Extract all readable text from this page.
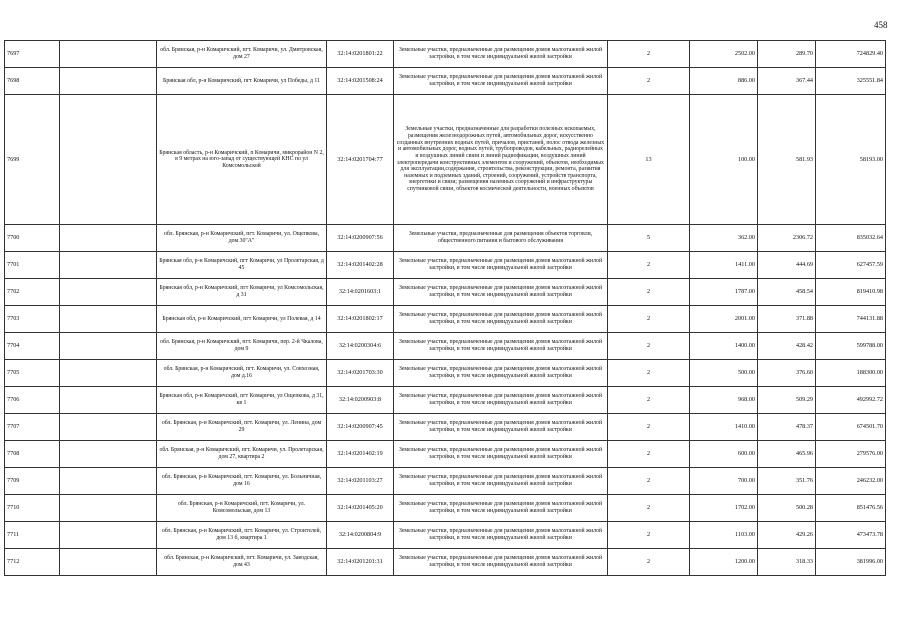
458
7697		обл. Брянская, р-н Комаричский, пгт. Комаричи, ул. Дмитровская, дом 27	32:14:0201801:22	Земельные участки, предназначенные для размещения домов малоэтажной жилой застройки, в том числе индивидуальной жилой застройки	2	2502.00	289.70	724829.40
7698		Брянская обл, р-н Комаричский, пгт Комаричи, ул Победы, д 11	32:14:0201508:24	Земельные участки, предназначенные для размещения домов малоэтажной жилой застройки, в том числе индивидуальной жилой застройки	2	886.00	367.44	325551.84
7699		Брянская область, р-н Комаричский, п Комаричи, микрорайон N 2, в 9 метрах на юго-запад от существующей КНС по ул Комсомольской	32:14:0201704:77	Земельные участки, предназначенные для разработки полезных ископаемых, размещения железнодорожных путей, автомобильных дорог, искусственно созданных внутренних водных путей, причалов, пристаней, полос отвода железных и автомобильных дорог, водных путей, трубопроводов, кабельных, радиорелейных и воздушных линий связи и линий радиофикации, воздушных линий электропередачи конструктивных элементов и сооружений, объектов, необходимых для эксплуатации,содержания, строительства, реконструкции, ремонта, развития наземных и подземных зданий, строений, сооружений, устройств транспорта, энергетики и связи; размещения наземных сооружений и инфраструктуры спутниковой связи, объектов космической деятельности, военных объектов	13	100.00	581.93	58193.00
7700		обл. Брянская, р-н Комаричский, пгт. Комаричи, ул. Ощепкова, дом 30"А"	32:14:0200907:56	Земельные участки, предназначенные для размещения объектов торговли, общественного питания и бытового обслуживания	5	362.00	2306.72	835032.64
7701		Брянская обл, р-н Комаричский, пгт Комаричи, ул Пролетарская, д 45	32:14:0201402:28	Земельные участки, предназначенные для размещения домов малоэтажной жилой застройки, в том числе индивидуальной жилой застройки	2	1411.00	444.69	627457.59
7702		Брянская обл, р-н Комаричский, пгт Комаричи, ул Комсомольская, д 31	32:14:0201603:1	Земельные участки, предназначенные для размещения домов малоэтажной жилой застройки, в том числе индивидуальной жилой застройки	2	1787.00	458.54	819410.98
7703		Брянская обл, р-н Комаричский, пгт Комаричи, ул Полевая, д 14	32:14:0201802:17	Земельные участки, предназначенные для размещения домов малоэтажной жилой застройки, в том числе индивидуальной жилой застройки	2	2001.00	371.88	744131.88
7704		обл. Брянская, р-н Комаричский, пгт. Комаричи, пер. 2-й Чкалова, дом 9	32:14:0200304:6	Земельные участки, предназначенные для размещения домов малоэтажной жилой застройки, в том числе индивидуальной жилой застройки	2	1400.00	428.42	599788.00
7705		обл. Брянская, р-н Комаричский, пгт. Комаричи, ул. Совхозная, дом д.16	32:14:0201703:30	Земельные участки, предназначенные для размещения домов малоэтажной жилой застройки, в том числе индивидуальной жилой застройки	2	500.00	376.60	188300.00
7706		Брянская обл, р-н Комаричский, пгт Комаричи, ул Ощепкова, д 31, кв 1	32:14:0200903:8	Земельные участки, предназначенные для размещения домов малоэтажной жилой застройки, в том числе индивидуальной жилой застройки	2	968.00	509.29	492992.72
7707		обл. Брянская, р-н Комаричский, пгт. Комаричи, ул. Ленина, дом 29	32:14:0200907:45	Земельные участки, предназначенные для размещения домов малоэтажной жилой застройки, в том числе индивидуальной жилой застройки	2	1410.00	478.37	674501.70
7708		обл. Брянская, р-н Комаричский, пгт. Комаричи, ул. Пролетарская, дом 27, квартира 2	32:14:0201402:19	Земельные участки, предназначенные для размещения домов малоэтажной жилой застройки, в том числе индивидуальной жилой застройки	2	600.00	465.96	279576.00
7709		обл. Брянская, р-н Комаричский, пгт. Комаричи, ул. Больничная, дом 16	32:14:0201103:27	Земельные участки, предназначенные для размещения домов малоэтажной жилой застройки, в том числе индивидуальной жилой застройки	2	700.00	351.76	246232.00
7710		обл. Брянская, р-н Комаричский, пгт. Комаричи, ул. Комсомольская, дом 13	32:14:0201405:20	Земельные участки, предназначенные для размещения домов малоэтажной жилой застройки, в том числе индивидуальной жилой застройки	2	1702.00	500.28	851476.56
7711		обл. Брянская, р-н Комаричский, пгт. Комаричи, ул. Строителей, дом 13 б, квартира 1	32:14:0200804:9	Земельные участки, предназначенные для размещения домов малоэтажной жилой застройки, в том числе индивидуальной жилой застройки	2	1103.00	429.26	473473.78
7712		обл. Брянская, р-н Комаричский, пгт. Комаричи, ул. Заводская, дом 43	32:14:0201201:31	Земельные участки, предназначенные для размещения домов малоэтажной жилой застройки, в том числе индивидуальной жилой застройки	2	1200.00	318.33	381996.00
